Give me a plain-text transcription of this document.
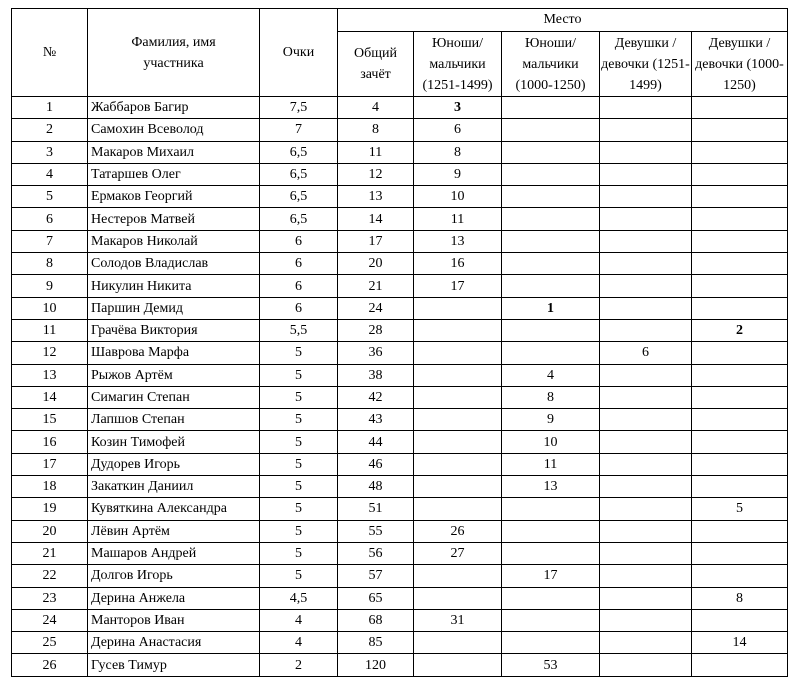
№	Фамилия, имя участника	Очки	Место				

			Общий зачёт	Юноши/ мальчики (1251-1499)	Юноши/ мальчики (1000-1250)	Девушки / девочки (1251-1499)	Девушки / девочки (1000-1250)

1	Жаббаров Багир	7,5	4	3			
2	Самохин Всеволод	7	8	6			
3	Макаров Михаил	6,5	11	8			
4	Татаршев Олег	6,5	12	9			
5	Ермаков Георгий	6,5	13	10			
6	Нестеров Матвей	6,5	14	11			
7	Макаров Николай	6	17	13			
8	Солодов Владислав	6	20	16			
9	Никулин Никита	6	21	17			
10	Паршин Демид	6	24		1		
11	Грачёва Виктория	5,5	28				2
12	Шаврова Марфа	5	36			6	
13	Рыжов Артём	5	38		4		
14	Симагин Степан	5	42		8		
15	Лапшов Степан	5	43		9		
16	Козин Тимофей	5	44		10		
17	Дудорев Игорь	5	46		11		
18	Закаткин Даниил	5	48		13		
19	Кувяткина Александра	5	51				5
20	Лёвин Артём	5	55	26			
21	Машаров Андрей	5	56	27			
22	Долгов Игорь	5	57		17		
23	Дерина Анжела	4,5	65				8
24	Манторов Иван	4	68	31			
25	Дерина Анастасия	4	85				14
26	Гусев Тимур	2	120		53		
